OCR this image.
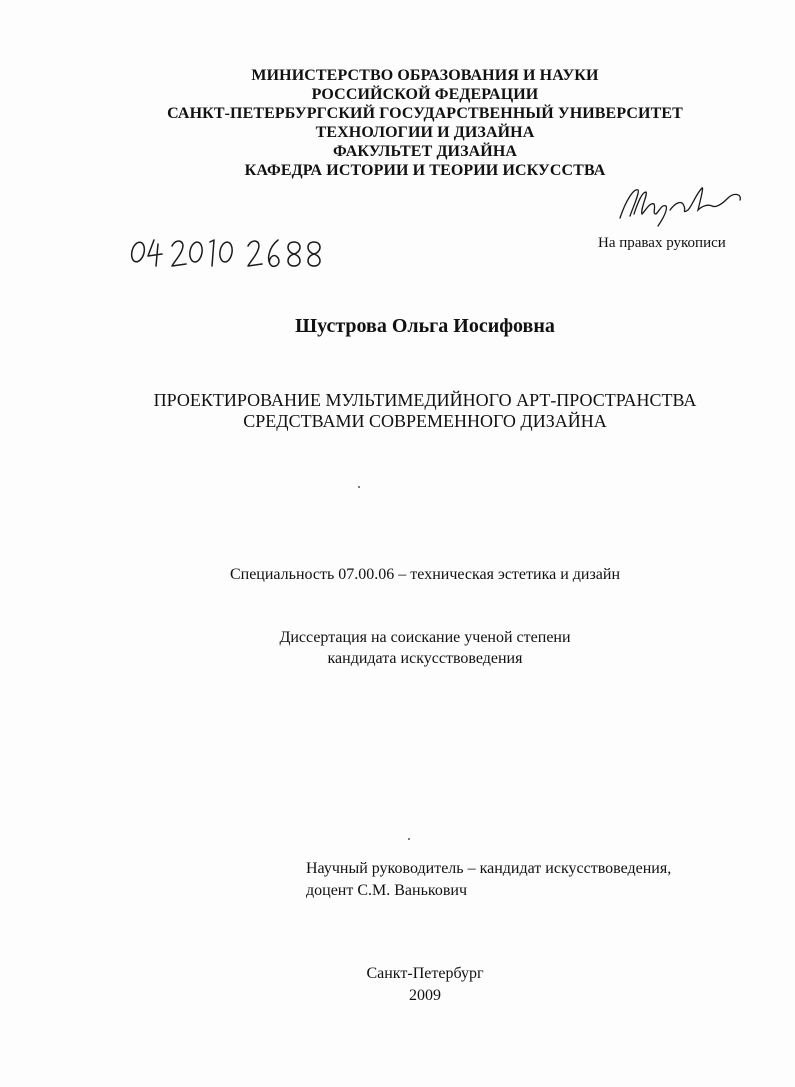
МИНИСТЕРСТВО ОБРАЗОВАНИЯ И НАУКИ
РОССИЙСКОЙ ФЕДЕРАЦИИ
САНКТ-ПЕТЕРБУРГСКИЙ ГОСУДАРСТВЕННЫЙ УНИВЕРСИТЕТ
ТЕХНОЛОГИИ И ДИЗАЙНА
ФАКУЛЬТЕТ ДИЗАЙНА
КАФЕДРА ИСТОРИИ И ТЕОРИИ ИСКУССТВА
На правах рукописи
Шустрова Ольга Иосифовна
ПРОЕКТИРОВАНИЕ МУЛЬТИМЕДИЙНОГО АРТ-ПРОСТРАНСТВА
СРЕДСТВАМИ СОВРЕМЕННОГО ДИЗАЙНА
Специальность 07.00.06 – техническая эстетика и дизайн
Диссертация на соискание ученой степени
кандидата искусствоведения
Научный руководитель – кандидат искусствоведения,
доцент С.М. Ванькович
Санкт-Петербург
2009
